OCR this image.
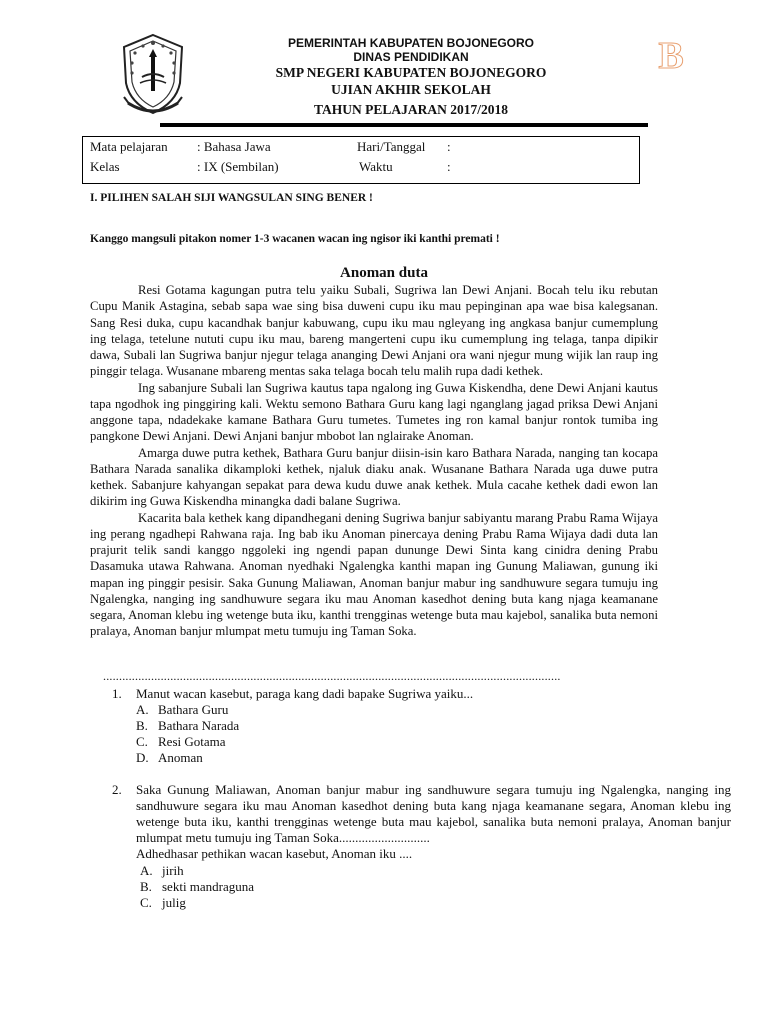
PEMERINTAH KABUPATEN BOJONEGORO
DINAS PENDIDIKAN
SMP NEGERI KABUPATEN BOJONEGORO
UJIAN AKHIR SEKOLAH
TAHUN PELAJARAN 2017/2018
B
Mata pelajaran : Bahasa Jawa	Hari/Tanggal :
Kelas	: IX (Sembilan)	Waktu	:
I. PILIHEN SALAH SIJI WANGSULAN SING BENER !
Kanggo mangsuli pitakon nomer 1-3 wacanen wacan ing ngisor iki kanthi premati !
Anoman duta

Resi Gotama kagungan putra telu yaiku Subali, Sugriwa lan Dewi Anjani. Bocah telu iku rebutan Cupu Manik Astagina, sebab sapa wae sing bisa duweni cupu iku mau pepinginan apa wae bisa kalegsanan. Sang Resi duka, cupu kacandhak banjur kabuwang, cupu iku mau ngleyang ing angkasa banjur cumemplung ing telaga, tetelune nututi cupu iku mau, bareng mangerteni cupu iku cumemplung ing telaga, tanpa dipikir dawa, Subali lan Sugriwa banjur njegur telaga ananging Dewi Anjani ora wani njegur mung wijik lan raup ing pinggir telaga. Wusanane mbareng mentas saka telaga bocah telu malih rupa dadi kethek.

Ing sabanjure Subali lan Sugriwa kautus tapa ngalong ing Guwa Kiskendha, dene Dewi Anjani kautus tapa ngodhok ing pinggiring kali. Wektu semono Bathara Guru kang lagi nganglang jagad priksa Dewi Anjani anggone tapa, ndadekake kamane Bathara Guru tumetes. Tumetes ing ron kamal banjur rontok tumiba ing pangkone Dewi Anjani. Dewi Anjani banjur mbobot lan nglairake Anoman.

Amarga duwe putra kethek, Bathara Guru banjur diisin-isin karo Bathara Narada, nanging tan kocapa Bathara Narada sanalika dikamploki kethek, njaluk diaku anak. Wusanane Bathara Narada uga duwe putra kethek. Sabanjure kahyangan sepakat para dewa kudu duwe anak kethek. Mula cacahe kethek dadi ewon lan dikirim ing Guwa Kiskendha minangka dadi balane Sugriwa.

Kacarita bala kethek kang dipandhegani dening Sugriwa banjur sabiyantu marang Prabu Rama Wijaya ing perang ngadhepi Rahwana raja. Ing bab iku Anoman pinercaya dening Prabu Rama Wijaya dadi duta lan prajurit telik sandi kanggo nggoleki ing ngendi papan dunungе Dewi Sinta kang cinidra dening Prabu Dasamuka utawa Rahwana. Anoman nyedhaki Ngalengka kanthi mapan ing Gunung Maliawan, gunung iki mapan ing pinggir pesisir. Saka Gunung Maliawan, Anoman banjur mabur ing sandhuwure segara tumuju ing Ngalengka, nanging ing sandhuwure segara iku mau Anoman kasedhot dening buta kang njaga keamanane segara, Anoman klebu ing wetenge buta iku, kanthi trengginas wetenge buta mau kajebol, sanalika buta nemoni pralaya, Anoman banjur mlumpat metu tumuju ing Taman Soka.

...............................................................................................................................................
1. Manut wacan kasebut, paraga kang dadi bapake Sugriwa yaiku...
A. Bathara Guru
B. Bathara Narada
C. Resi Gotama
D. Anoman
2. Saka Gunung Maliawan, Anoman banjur mabur ing sandhuwure segara tumuju ing Ngalengka, nanging ing sandhuwure segara iku mau Anoman kasedhot dening buta kang njaga keamanane segara, Anoman klebu ing wetenge buta iku, kanthi trengginas wetenge buta mau kajebol, sanalika buta nemoni pralaya, Anoman banjur mlumpat metu tumuju ing Taman Soka............................
Adhedhasar pethikan wacan kasebut, Anoman iku ....
A. jirih
B. sekti mandraguna
C. julig
